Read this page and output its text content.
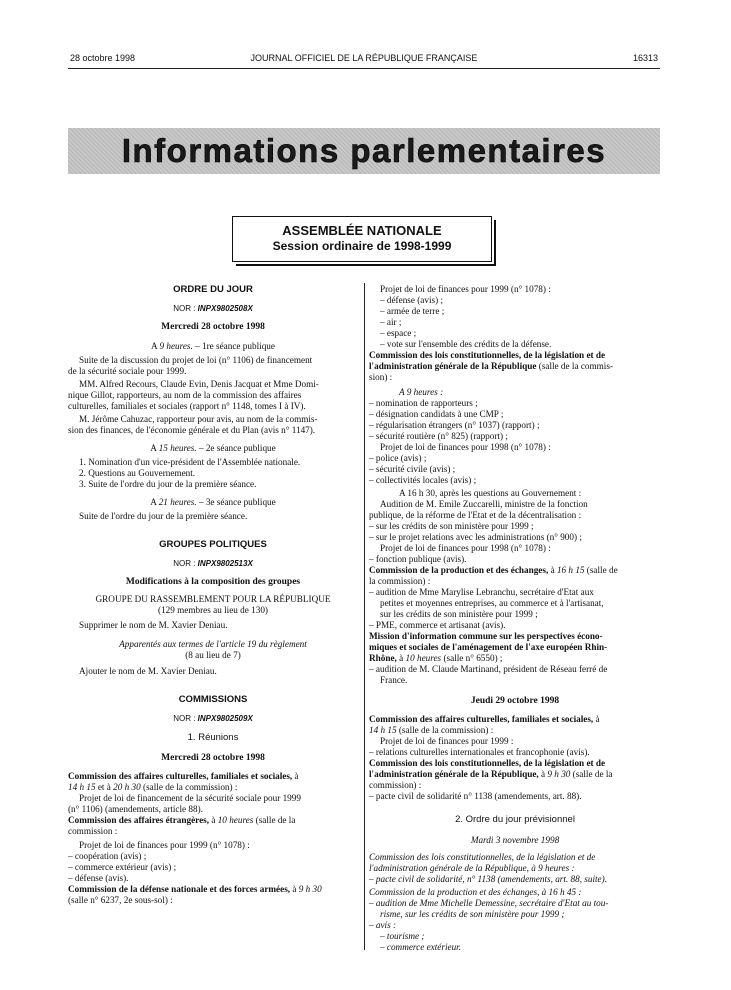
28 octobre 1998	JOURNAL OFFICIEL DE LA RÉPUBLIQUE FRANÇAISE	16313
Informations parlementaires
ASSEMBLÉE NATIONALE
Session ordinaire de 1998-1999
ORDRE DU JOUR
NOR : INPX9802508X
Mercredi 28 octobre 1998
A 9 heures. – 1re séance publique
Suite de la discussion du projet de loi (n° 1106) de financement
de la sécurité sociale pour 1999.
MM. Alfred Recours, Claude Evin, Denis Jacquat et Mme Domi-
nique Gillot, rapporteurs, au nom de la commission des affaires
culturelles, familiales et sociales (rapport n° 1148, tomes I à IV).
M. Jérôme Cahuzac, rapporteur pour avis, au nom de la commis-
sion des finances, de l'économie générale et du Plan (avis n° 1147).
A 15 heures. – 2e séance publique
1. Nomination d'un vice-président de l'Assemblée nationale.
2. Questions au Gouvernement.
3. Suite de l'ordre du jour de la première séance.
A 21 heures. – 3e séance publique
Suite de l'ordre du jour de la première séance.
GROUPES POLITIQUES
NOR : INPX9802513X
Modifications à la composition des groupes
GROUPE DU RASSEMBLEMENT POUR LA RÉPUBLIQUE
(129 membres au lieu de 130)
Supprimer le nom de M. Xavier Deniau.
Apparentés aux termes de l'article 19 du règlement
(8 au lieu de 7)
Ajouter le nom de M. Xavier Deniau.
COMMISSIONS
NOR : INPX9802509X
1. Réunions
Mercredi 28 octobre 1998
Commission des affaires culturelles, familiales et sociales, à
14 h 15 et à 20 h 30 (salle de la commission) :
Projet de loi de financement de la sécurité sociale pour 1999
(n° 1106) (amendements, article 88).
Commission des affaires étrangères, à 10 heures (salle de la
commission :
Projet de loi de finances pour 1999 (n° 1078) :
– coopération (avis) ;
– commerce extérieur (avis) ;
– défense (avis).
Commission de la défense nationale et des forces armées, à 9 h 30
(salle n° 6237, 2e sous-sol) :
Projet de loi de finances pour 1999 (n° 1078) :
– défense (avis) ;
– armée de terre ;
– air ;
– espace ;
– vote sur l'ensemble des crédits de la défense.
Commission des lois constitutionnelles, de la législation et de
l'administration générale de la République (salle de la commis-
sion) :
A 9 heures :
– nomination de rapporteurs ;
– désignation candidats à une CMP ;
– régularisation étrangers (n° 1037) (rapport) ;
– sécurité routière (n° 825) (rapport) ;
Projet de loi de finances pour 1998 (n° 1078) :
– police (avis) ;
– sécurité civile (avis) ;
– collectivités locales (avis) ;
A 16 h 30, après les questions au Gouvernement :
Audition de M. Emile Zuccarelli, ministre de la fonction
publique, de la réforme de l'Etat et de la décentralisation :
– sur les crédits de son ministère pour 1999 ;
– sur le projet relations avec les administrations (n° 900) ;
Projet de loi de finances pour 1998 (n° 1078) :
– fonction publique (avis).
Commission de la production et des échanges, à 16 h 15 (salle de
la commission) :
– audition de Mme Marylise Lebranchu, secrétaire d'Etat aux
petites et moyennes entreprises, au commerce et à l'artisanat,
sur les crédits de son ministère pour 1999 ;
– PME, commerce et artisanat (avis).
Mission d'information commune sur les perspectives écono-
miques et sociales de l'aménagement de l'axe européen Rhin-
Rhône, à 10 heures (salle n° 6550) ;
– audition de M. Claude Martinand, président de Réseau ferré de
France.
Jeudi 29 octobre 1998
Commission des affaires culturelles, familiales et sociales, à
14 h 15 (salle de la commission) :
Projet de loi de finances pour 1999 :
– relations culturelles internationales et francophonie (avis).
Commission des lois constitutionnelles, de la législation et de
l'administration générale de la République, à 9 h 30 (salle de la
commission) :
– pacte civil de solidarité n° 1138 (amendements, art. 88).
2. Ordre du jour prévisionnel
Mardi 3 novembre 1998
Commission des lois constitutionnelles, de la législation et de
l'administration générale de la République, à 9 heures :
– pacte civil de solidarité, n° 1138 (amendements, art. 88, suite).
Commission de la production et des échanges, à 16 h 45 :
– audition de Mme Michelle Demessine, secrétaire d'Etat au tou-
risme, sur les crédits de son ministère pour 1999 ;
– avis :
– tourisme ;
– commerce extérieur.
